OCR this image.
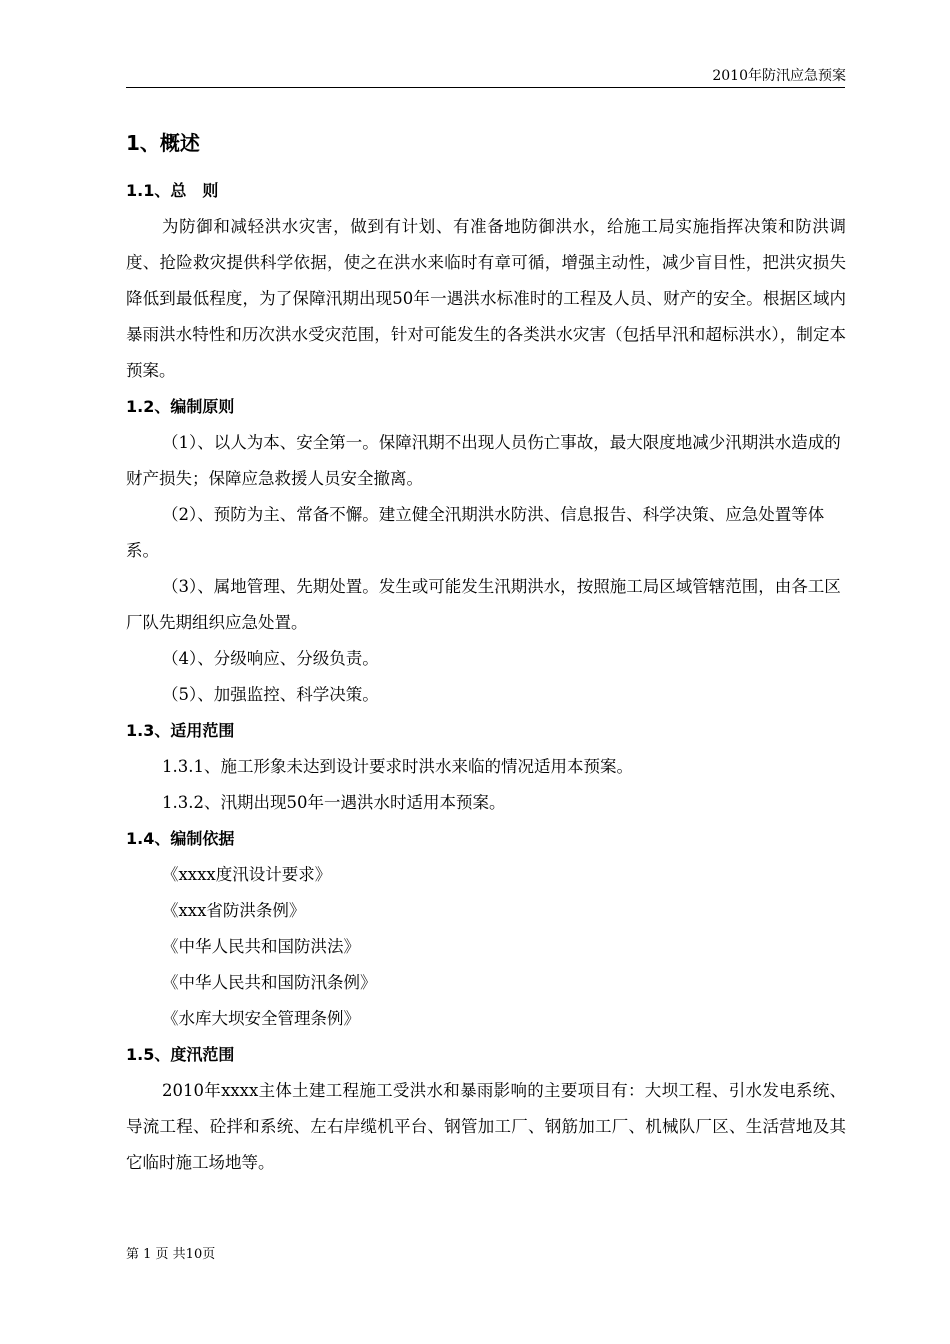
2010年防汛应急预案
1、概述
1.1、总　则
为防御和减轻洪水灾害，做到有计划、有准备地防御洪水，给施工局实施指挥决策和防洪调度、抢险救灾提供科学依据，使之在洪水来临时有章可循，增强主动性，减少盲目性，把洪灾损失降低到最低程度，为了保障汛期出现50年一遇洪水标准时的工程及人员、财产的安全。根据区域内暴雨洪水特性和历次洪水受灾范围，针对可能发生的各类洪水灾害（包括早汛和超标洪水），制定本预案。
1.2、编制原则
（1）、以人为本、安全第一。保障汛期不出现人员伤亡事故，最大限度地减少汛期洪水造成的财产损失；保障应急救援人员安全撤离。
（2）、预防为主、常备不懈。建立健全汛期洪水防洪、信息报告、科学决策、应急处置等体系。
（3）、属地管理、先期处置。发生或可能发生汛期洪水，按照施工局区域管辖范围，由各工区厂队先期组织应急处置。
（4）、分级响应、分级负责。
（5）、加强监控、科学决策。
1.3、适用范围
1.3.1、施工形象未达到设计要求时洪水来临的情况适用本预案。
1.3.2、汛期出现50年一遇洪水时适用本预案。
1.4、编制依据
《xxxx度汛设计要求》
《xxx省防洪条例》
《中华人民共和国防洪法》
《中华人民共和国防汛条例》
《水库大坝安全管理条例》
1.5、度汛范围
2010年xxxx主体土建工程施工受洪水和暴雨影响的主要项目有：大坝工程、引水发电系统、导流工程、砼拌和系统、左右岸缆机平台、钢管加工厂、钢筋加工厂、机械队厂区、生活营地及其它临时施工场地等。
第 1 页 共10页
